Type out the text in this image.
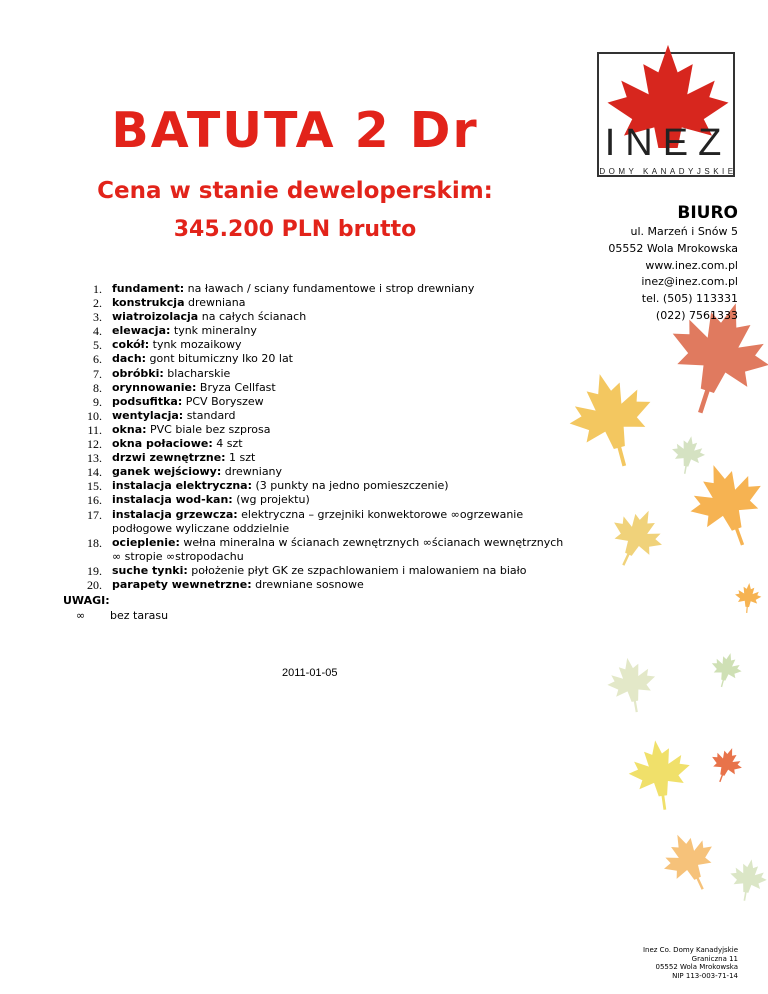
BATUTA 2 Dr
Cena w stanie deweloperskim:
345.200 PLN brutto
INEZ
DOMY KANADYJSKIE
BIURO
ul. Marzeń i Snów 5
05552 Wola Mrokowska
www.inez.com.pl
inez@inez.com.pl
tel. (505) 113331
(022) 7561333
1. fundament: na ławach / sciany fundamentowe i strop drewniany
2. konstrukcja drewniana
3. wiatroizolacja na całych ścianach
4. elewacja: tynk mineralny
5. cokół: tynk mozaikowy
6. dach: gont bitumiczny Iko 20 lat
7. obróbki: blacharskie
8. orynnowanie: Bryza Cellfast
9. podsufitka: PCV Boryszew
10. wentylacja: standard
11. okna: PVC biale bez szprosa
12. okna połaciowe: 4 szt
13. drzwi zewnętrzne: 1 szt
14. ganek wejściowy: drewniany
15. instalacja elektryczna: (3 punkty na jedno pomieszczenie)
16. instalacja wod-kan: (wg projektu)
17. instalacja grzewcza: elektryczna – grzejniki konwektorowe ∞ogrzewanie podłogowe wyliczane oddzielnie
18. ocieplenie: wełna mineralna w ścianach zewnętrznych ∞ścianach wewnętrznych ∞ stropie ∞stropodachu
19. suche tynki: położenie płyt GK ze szpachlowaniem i malowaniem na biało
20. parapety wewnetrzne: drewniane sosnowe
UWAGI:
∞ bez tarasu
2011-01-05
Inez Co. Domy Kanadyjskie
Graniczna 11
05552 Wola Mrokowska
NIP 113-003-71-14
